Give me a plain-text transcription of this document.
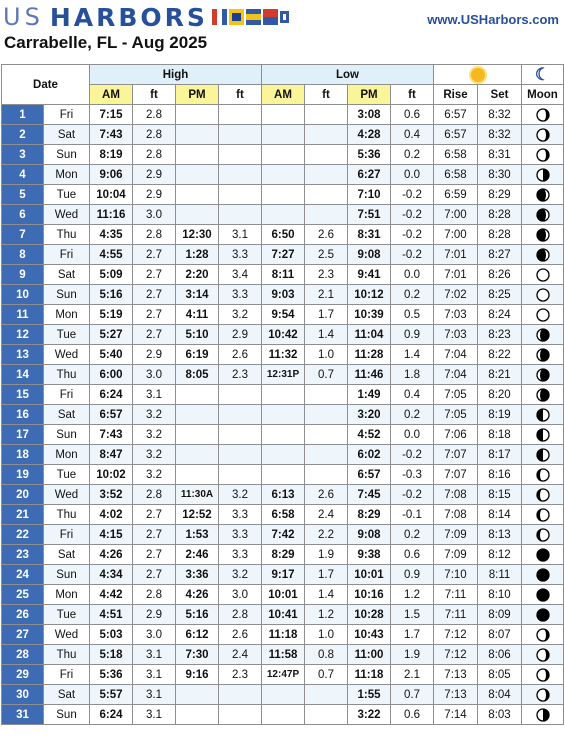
US HARBORS	www.USHarbors.com
Carrabelle, FL - Aug 2025
Date		High				Low						☾
		AM	ft	PM	ft	AM	ft	PM	ft	Rise	Set	Moon
1	Fri	7:15	2.8					3:08	0.6	6:57	8:32	
2	Sat	7:43	2.8					4:28	0.4	6:57	8:32	
3	Sun	8:19	2.8					5:36	0.2	6:58	8:31	
4	Mon	9:06	2.9					6:27	0.0	6:58	8:30	
5	Tue	10:04	2.9					7:10	-0.2	6:59	8:29	
6	Wed	11:16	3.0					7:51	-0.2	7:00	8:28	
7	Thu	4:35	2.8	12:30	3.1	6:50	2.6	8:31	-0.2	7:00	8:28	
8	Fri	4:55	2.7	1:28	3.3	7:27	2.5	9:08	-0.2	7:01	8:27	
9	Sat	5:09	2.7	2:20	3.4	8:11	2.3	9:41	0.0	7:01	8:26	
10	Sun	5:16	2.7	3:14	3.3	9:03	2.1	10:12	0.2	7:02	8:25	
11	Mon	5:19	2.7	4:11	3.2	9:54	1.7	10:39	0.5	7:03	8:24	
12	Tue	5:27	2.7	5:10	2.9	10:42	1.4	11:04	0.9	7:03	8:23	
13	Wed	5:40	2.9	6:19	2.6	11:32	1.0	11:28	1.4	7:04	8:22	
14	Thu	6:00	3.0	8:05	2.3	12:31P	0.7	11:46	1.8	7:04	8:21	
15	Fri	6:24	3.1					1:49	0.4	7:05	8:20	
16	Sat	6:57	3.2					3:20	0.2	7:05	8:19	
17	Sun	7:43	3.2					4:52	0.0	7:06	8:18	
18	Mon	8:47	3.2					6:02	-0.2	7:07	8:17	
19	Tue	10:02	3.2					6:57	-0.3	7:07	8:16	
20	Wed	3:52	2.8	11:30A	3.2	6:13	2.6	7:45	-0.2	7:08	8:15	
21	Thu	4:02	2.7	12:52	3.3	6:58	2.4	8:29	-0.1	7:08	8:14	
22	Fri	4:15	2.7	1:53	3.3	7:42	2.2	9:08	0.2	7:09	8:13	
23	Sat	4:26	2.7	2:46	3.3	8:29	1.9	9:38	0.6	7:09	8:12	
24	Sun	4:34	2.7	3:36	3.2	9:17	1.7	10:01	0.9	7:10	8:11	
25	Mon	4:42	2.8	4:26	3.0	10:01	1.4	10:16	1.2	7:11	8:10	
26	Tue	4:51	2.9	5:16	2.8	10:41	1.2	10:28	1.5	7:11	8:09	
27	Wed	5:03	3.0	6:12	2.6	11:18	1.0	10:43	1.7	7:12	8:07	
28	Thu	5:18	3.1	7:30	2.4	11:58	0.8	11:00	1.9	7:12	8:06	
29	Fri	5:36	3.1	9:16	2.3	12:47P	0.7	11:18	2.1	7:13	8:05	
30	Sat	5:57	3.1					1:55	0.7	7:13	8:04	
31	Sun	6:24	3.1					3:22	0.6	7:14	8:03	
